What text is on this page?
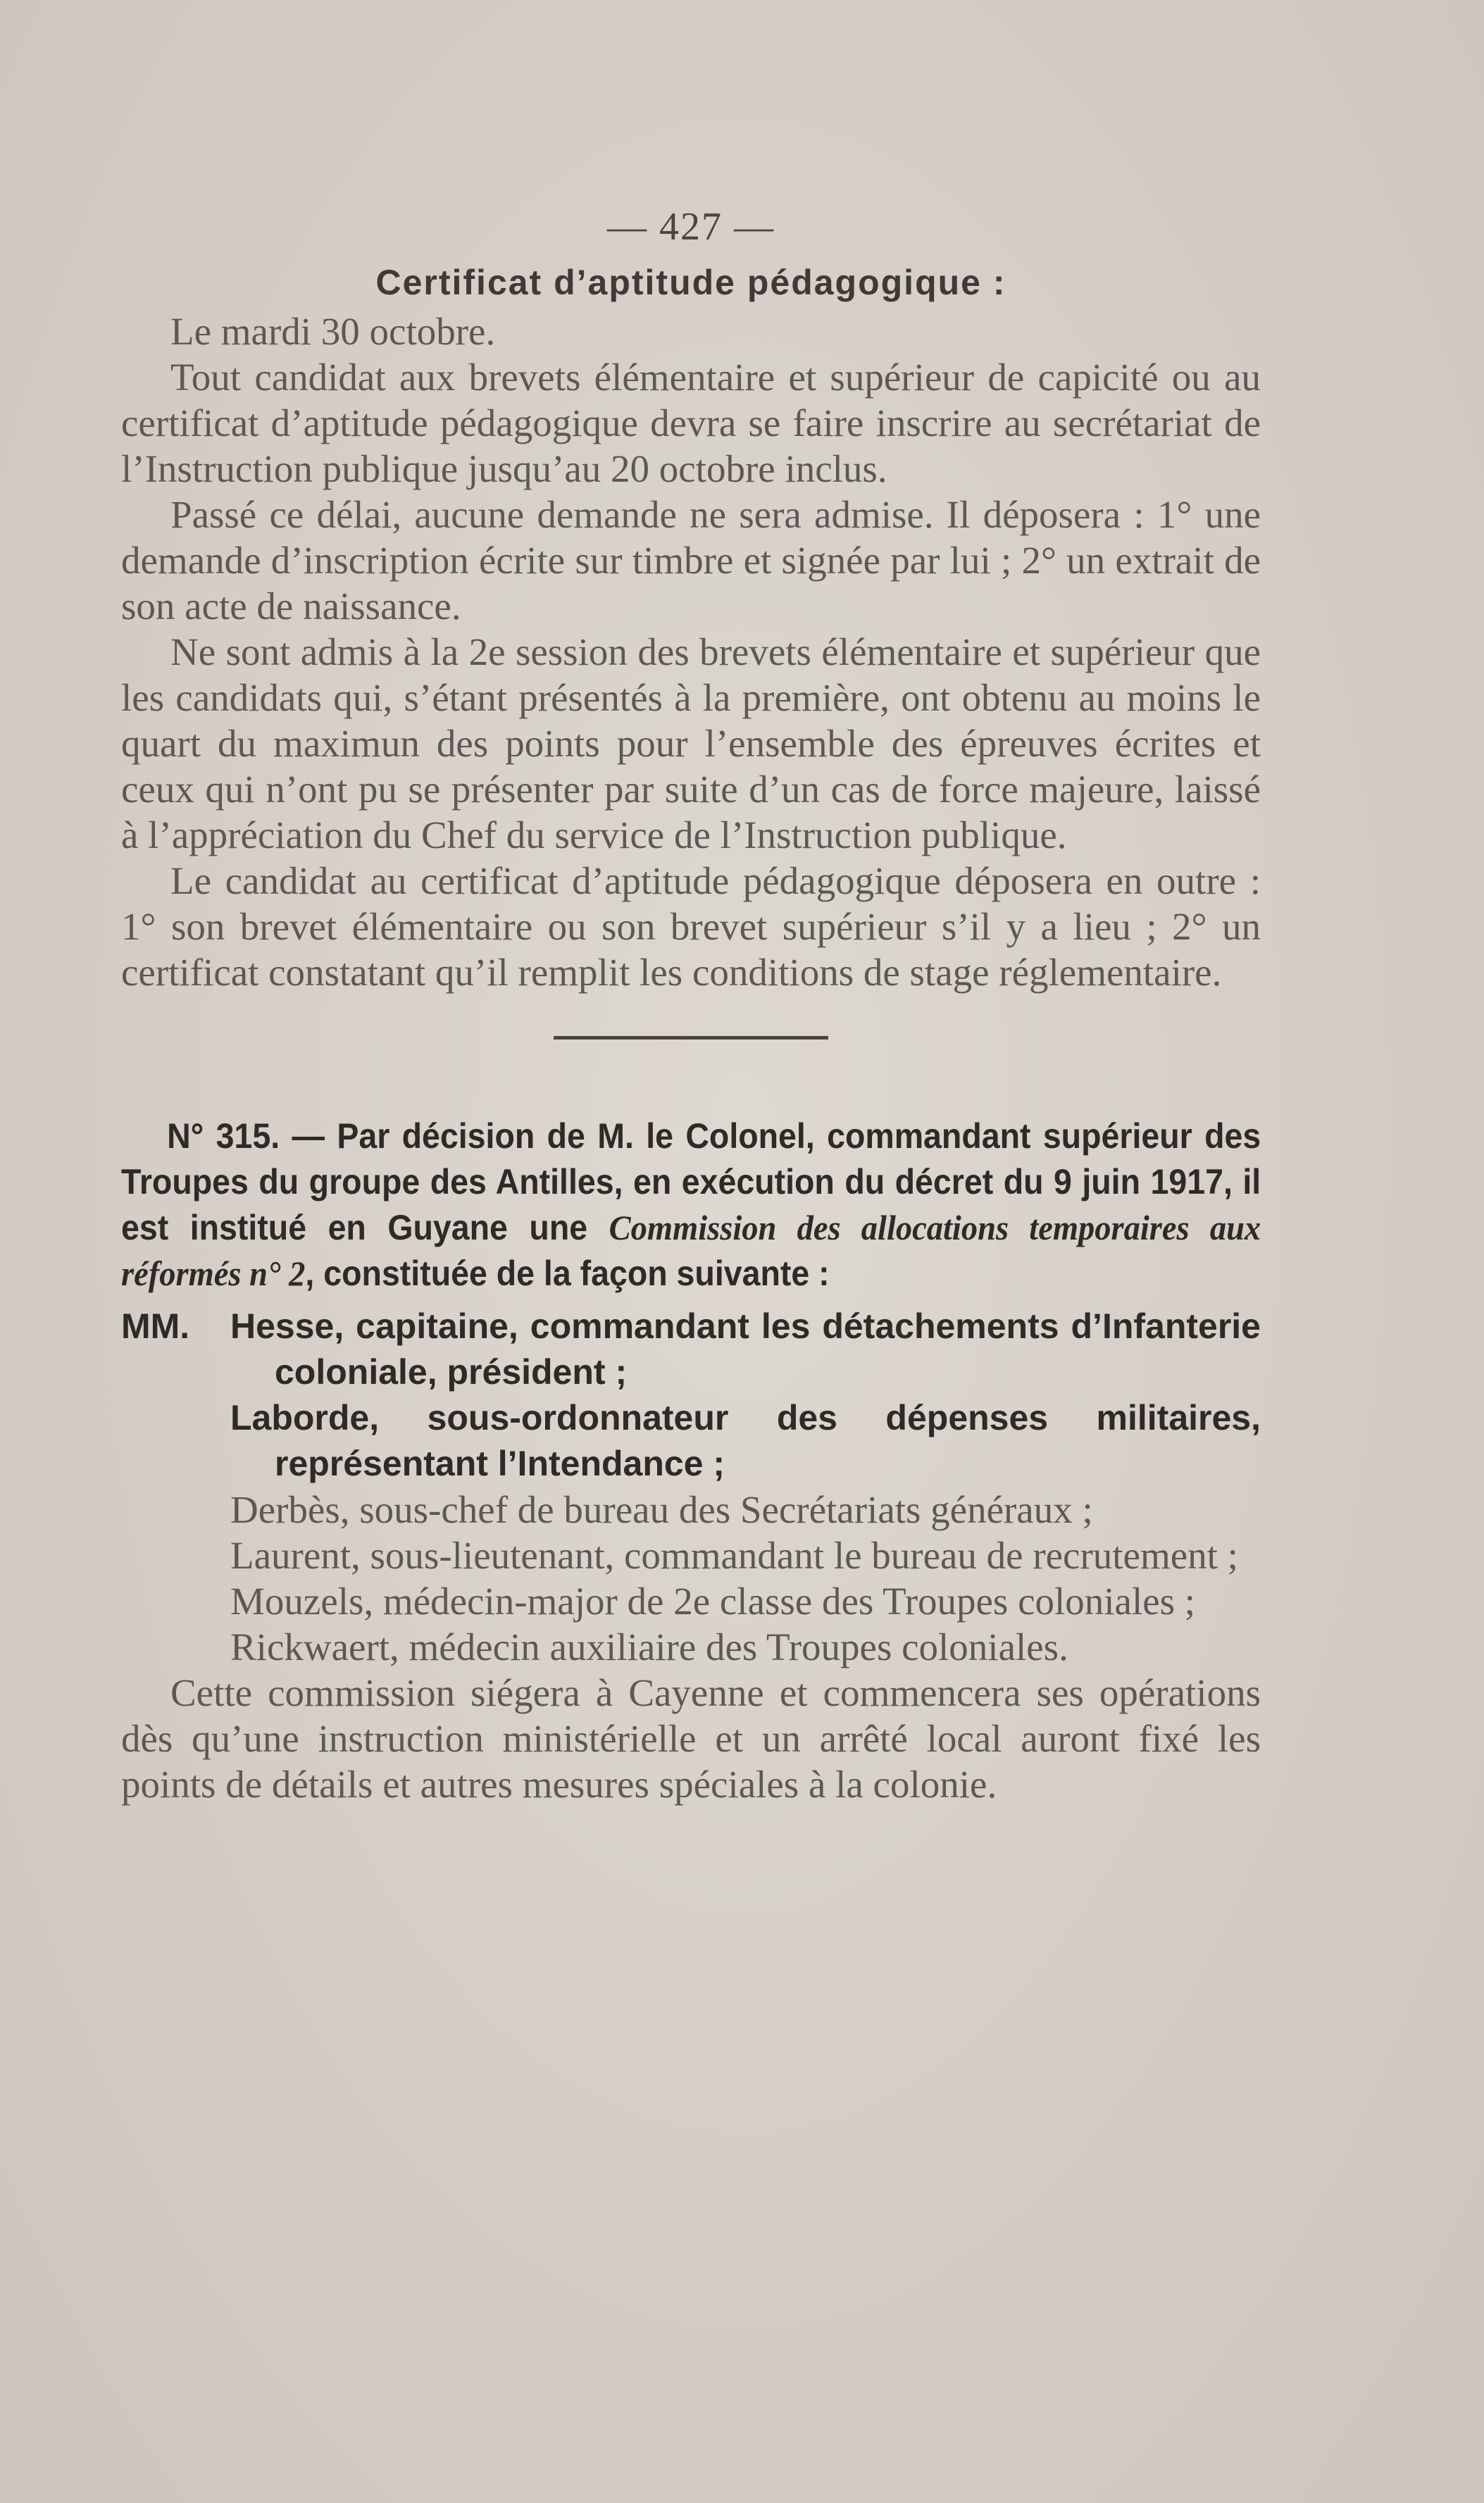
— 427 —
Certificat d’aptitude pédagogique :

Le mardi 30 octobre.

Tout candidat aux brevets élémentaire et supérieur de capicité ou au certificat d’aptitude pédagogique devra se faire inscrire au secrétariat de l’Instruction publique jusqu’au 20 octobre inclus.

Passé ce délai, aucune demande ne sera admise. Il déposera : 1° une demande d’inscription écrite sur timbre et signée par lui ; 2° un extrait de son acte de naissance.

Ne sont admis à la 2e session des brevets élémentaire et supérieur que les candidats qui, s’étant présentés à la première, ont obtenu au moins le quart du maximun des points pour l’ensemble des épreuves écrites et ceux qui n’ont pu se présenter par suite d’un cas de force majeure, laissé à l’appréciation du Chef du service de l’Instruction publique.

Le candidat au certificat d’aptitude pédagogique déposera en outre : 1° son brevet élémentaire ou son brevet supérieur s’il y a lieu ; 2° un certificat constatant qu’il remplit les conditions de stage réglementaire.

N° 315. — Par décision de M. le Colonel, commandant supérieur des Troupes du groupe des Antilles, en exécution du décret du 9 juin 1917, il est institué en Guyane une Commission des allocations temporaires aux réformés n° 2, constituée de la façon suivante :

MM.	Hesse, capitaine, commandant les détachements d’Infanterie coloniale, président ;
Laborde, sous-ordonnateur des dépenses militaires, représentant l’Intendance ;
Derbès, sous-chef de bureau des Secrétariats généraux ;
Laurent, sous-lieutenant, commandant le bureau de recrutement ;
Mouzels, médecin-major de 2e classe des Troupes coloniales ;
Rickwaert, médecin auxiliaire des Troupes coloniales.

Cette commission siégera à Cayenne et commencera ses opérations dès qu’une instruction ministérielle et un arrêté local auront fixé les points de détails et autres mesures spéciales à la colonie.
